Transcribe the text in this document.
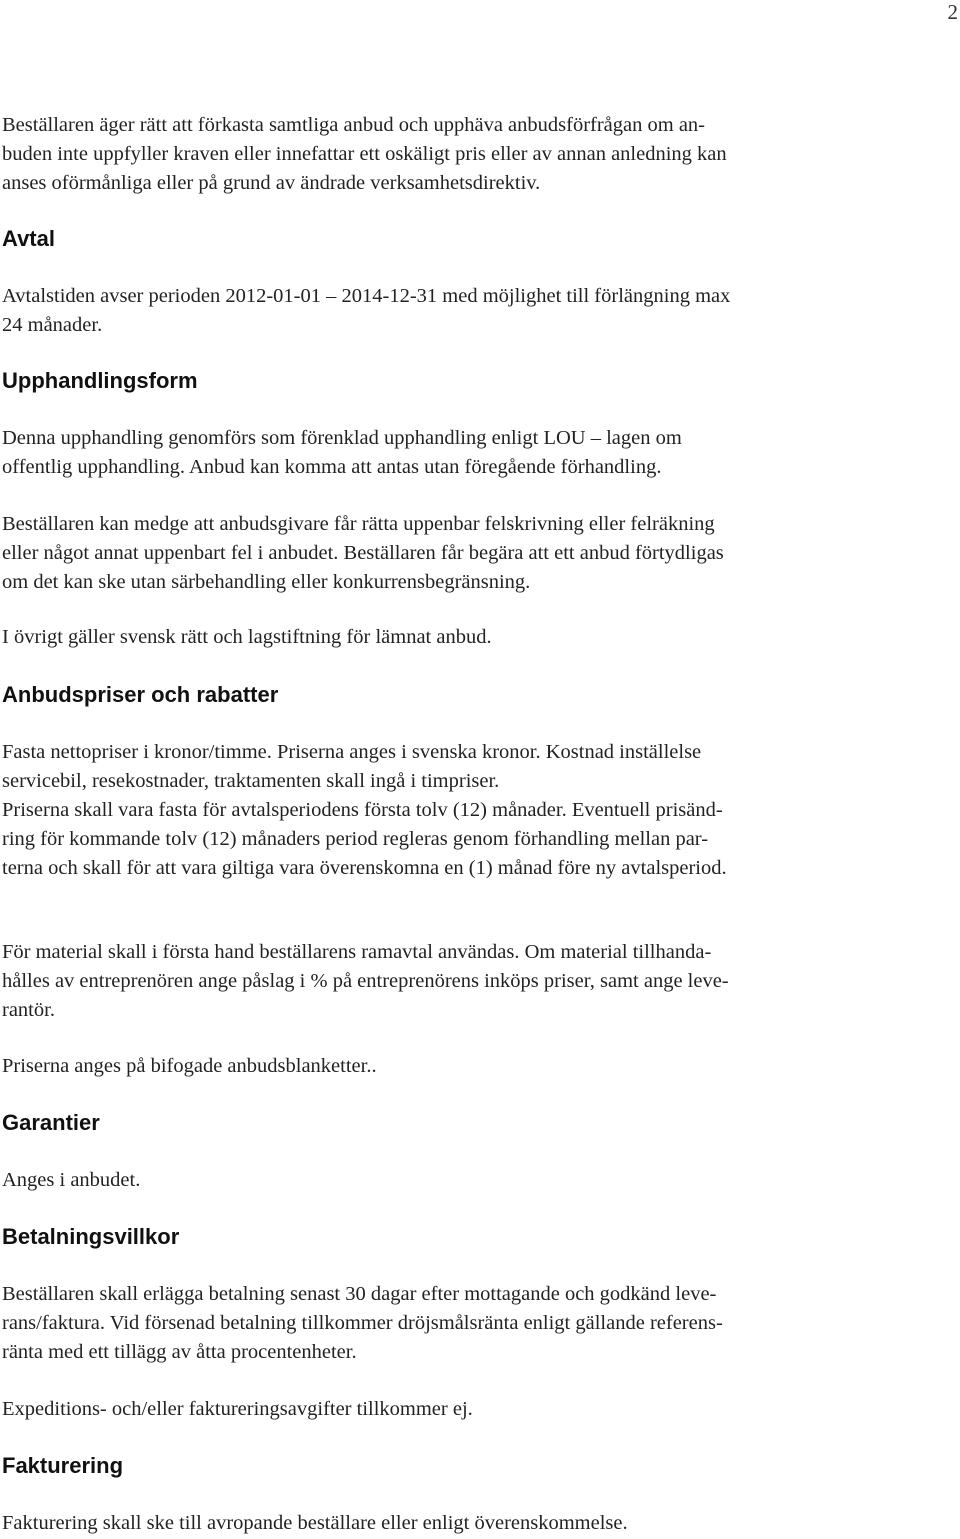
2
Beställaren äger rätt att förkasta samtliga anbud och upphäva anbudsförfrågan om an-
buden inte uppfyller kraven eller innefattar ett oskäligt pris eller av annan anledning kan
anses oförmånliga eller på grund av ändrade verksamhetsdirektiv.
Avtal
Avtalstiden avser perioden 2012-01-01 – 2014-12-31 med möjlighet till förlängning max
24 månader.
Upphandlingsform
Denna upphandling genomförs som förenklad upphandling enligt LOU – lagen om
offentlig upphandling. Anbud kan komma att antas utan föregående förhandling.
Beställaren kan medge att anbudsgivare får rätta uppenbar felskrivning eller felräkning
eller något annat uppenbart fel i anbudet. Beställaren får begära att ett anbud förtydligas
om det kan ske utan särbehandling eller konkurrensbegränsning.
I övrigt gäller svensk rätt och lagstiftning för lämnat anbud.
Anbudspriser och rabatter
Fasta nettopriser i kronor/timme. Priserna anges i svenska kronor. Kostnad inställelse
servicebil, resekostnader, traktamenten skall ingå i timpriser.
Priserna skall vara fasta för avtalsperiodens första tolv (12) månader. Eventuell prisänd-
ring för kommande tolv (12) månaders period regleras genom förhandling mellan par-
terna och skall för att vara giltiga vara överenskomna en (1) månad före ny avtalsperiod.
För material skall i första hand beställarens ramavtal användas. Om material tillhanda-
hålles av entreprenören ange påslag i % på entreprenörens inköps priser, samt ange leve-
rantör.
Priserna anges på bifogade anbudsblanketter..
Garantier
Anges i anbudet.
Betalningsvillkor
Beställaren skall erlägga betalning senast 30 dagar efter mottagande och godkänd leve-
rans/faktura. Vid försenad betalning tillkommer dröjsmålsränta enligt gällande referens-
ränta med ett tillägg av åtta procentenheter.
Expeditions- och/eller faktureringsavgifter tillkommer ej.
Fakturering
Fakturering skall ske till avropande beställare eller enligt överenskommelse.
